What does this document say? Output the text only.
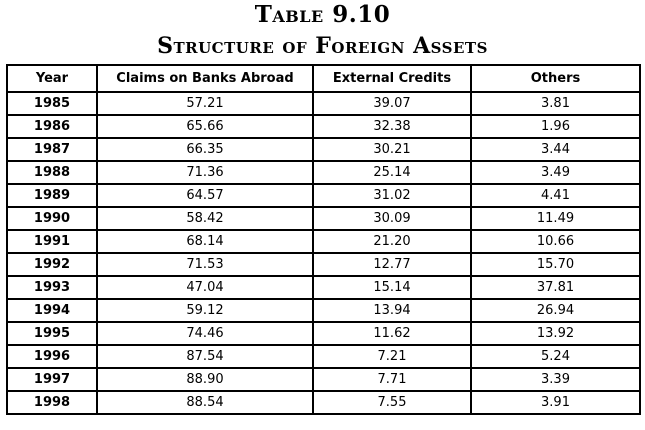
Table 9.10
Structure of Foreign Assets
Year	Claims on Banks Abroad	External Credits	Others
1985	57.21	39.07	3.81
1986	65.66	32.38	1.96
1987	66.35	30.21	3.44
1988	71.36	25.14	3.49
1989	64.57	31.02	4.41
1990	58.42	30.09	11.49
1991	68.14	21.20	10.66
1992	71.53	12.77	15.70
1993	47.04	15.14	37.81
1994	59.12	13.94	26.94
1995	74.46	11.62	13.92
1996	87.54	7.21	5.24
1997	88.90	7.71	3.39
1998	88.54	7.55	3.91
